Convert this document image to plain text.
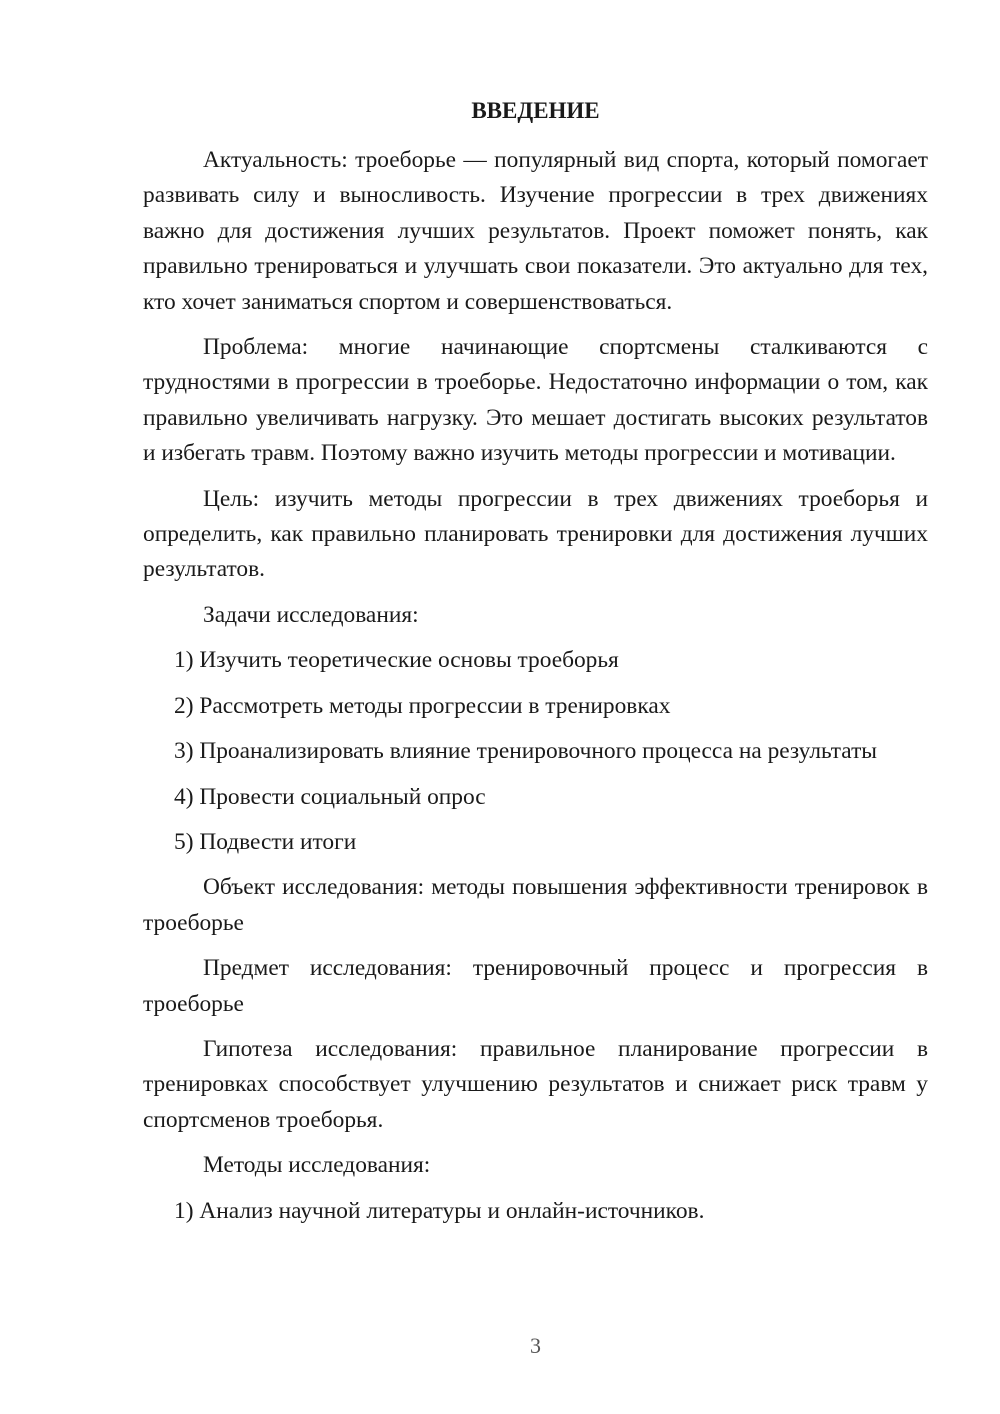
ВВЕДЕНИЕ

Актуальность: троеборье — популярный вид спорта, который помогает развивать силу и выносливость. Изучение прогрессии в трех движениях важно для достижения лучших результатов. Проект поможет понять, как правильно тренироваться и улучшать свои показатели. Это актуально для тех, кто хочет заниматься спортом и совершенствоваться.

Проблема: многие начинающие спортсмены сталкиваются с трудностями в прогрессии в троеборье. Недостаточно информации о том, как правильно увеличивать нагрузку. Это мешает достигать высоких результатов и избегать травм. Поэтому важно изучить методы прогрессии и мотивации.

Цель: изучить методы прогрессии в трех движениях троеборья и определить, как правильно планировать тренировки для достижения лучших результатов.

Задачи исследования:

1) Изучить теоретические основы троеборья

2) Рассмотреть методы прогрессии в тренировках

3) Проанализировать влияние тренировочного процесса на результаты

4) Провести социальный опрос

5) Подвести итоги

Объект исследования: методы повышения эффективности тренировок в троеборье

Предмет исследования: тренировочный процесс и прогрессия в троеборье

Гипотеза исследования: правильное планирование прогрессии в тренировках способствует улучшению результатов и снижает риск травм у спортсменов троеборья.

Методы исследования:

1) Анализ научной литературы и онлайн-источников.

3
